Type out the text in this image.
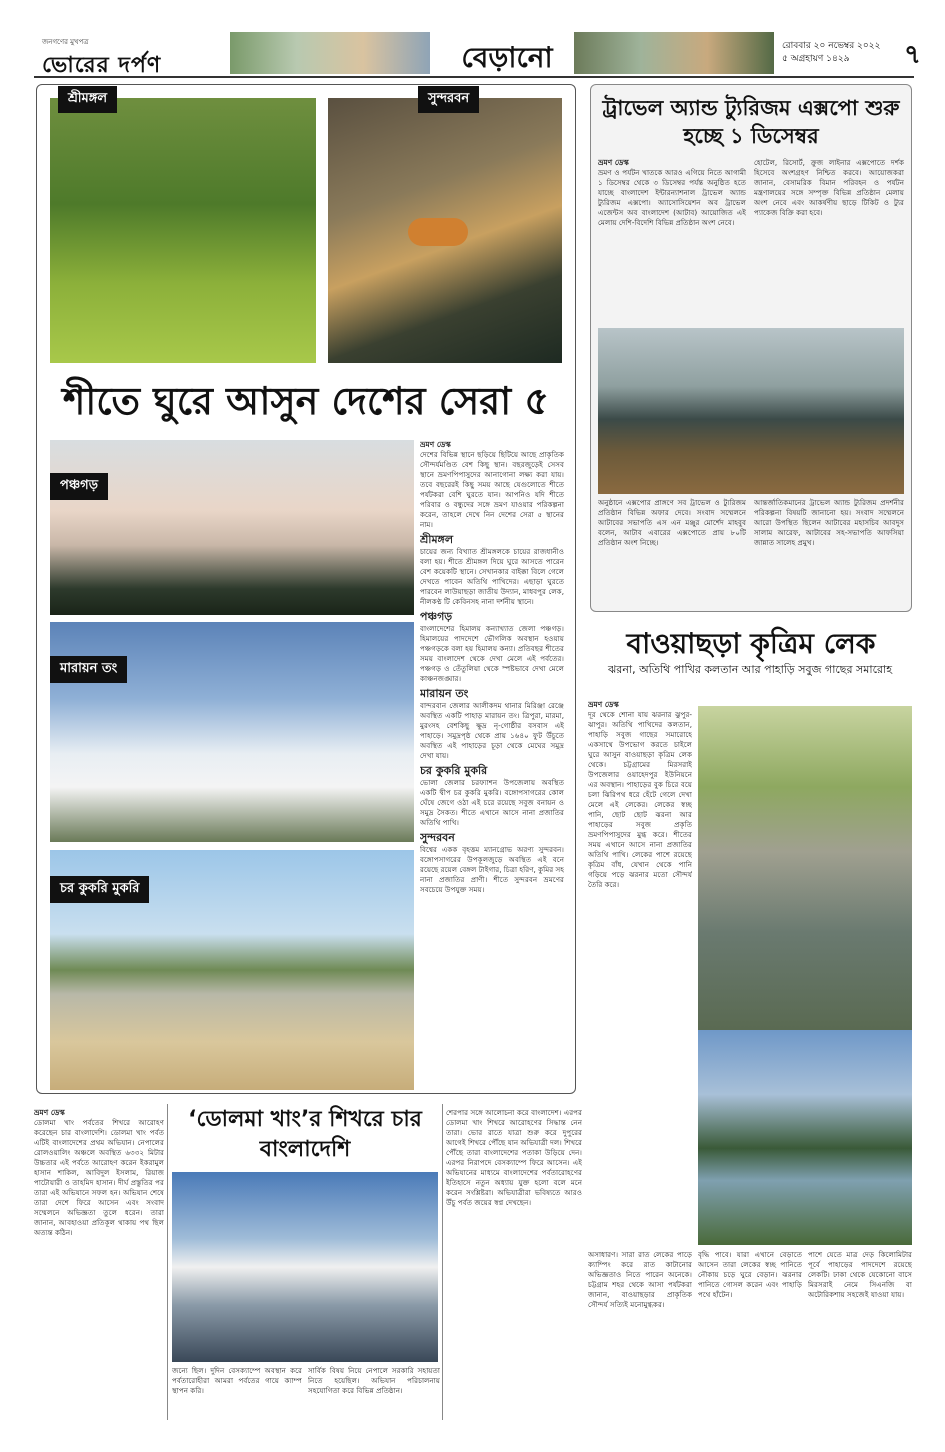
জনগণের মুখপত্র
ভোরের দর্পণ	বেড়ানো	রোববার ২০ নভেম্বর ২০২২
৫ অগ্রহায়ণ ১৪২৯	৭
শ্রীমঙ্গল	সুন্দরবন
শীতে ঘুরে আসুন দেশের সেরা ৫
পঞ্চগড়
মারায়ন তং
চর কুকরি মুকরি
ভ্রমণ ডেস্ক

দেশের বিভিন্ন স্থানে ছড়িয়ে ছিটিয়ে আছে প্রাকৃতিক সৌন্দর্যমণ্ডিত বেশ কিছু স্থান। বছরজুড়েই সেসব স্থানে ভ্রমণপিপাসুদের আনাগোনা লক্ষ্য করা যায়। তবে বছরেরই কিছু সময় আছে যেগুলোতে শীতে পর্যটকরা বেশি ঘুরতে যান। আপনিও যদি শীতে পরিবার ও বন্ধুদের সঙ্গে ভ্রমণ যাওয়ার পরিকল্পনা করেন, তাহলে দেখে নিন দেশের সেরা ৫ স্থানের নাম।

শ্রীমঙ্গল

চায়ের জন্য বিখ্যাত শ্রীমঙ্গলকে চায়ের রাজধানীও বলা হয়। শীতে শ্রীমঙ্গল দিয়ে ঘুরে আসতে পারেন বেশ কয়েকটি স্থানে। সেখানকার বাইক্কা বিলে গেলে দেখতে পাবেন অতিথি পাখিদের। এছাড়া ঘুরতে পারবেন লাউয়াছড়া জাতীয় উদ্যান, মাধবপুর লেক, নীলকণ্ঠ টি কেবিনসহ নানা দর্শনীয় স্থানে।

পঞ্চগড়

বাংলাদেশের হিমালয় কন্যাখ্যাত জেলা পঞ্চগড়। হিমালয়ের পাদদেশে ভৌগলিক অবস্থান হওয়ায় পঞ্চগড়কে বলা হয় হিমালয় কন্যা। প্রতিবছর শীতের সময় বাংলাদেশ থেকে দেখা মেলে এই পর্বতের। পঞ্চগড় ও তেঁতুলিয়া থেকে স্পষ্টভাবে দেখা মেলে কাঞ্চনজঙ্ঘার।

মারায়ন তং

বান্দরবান জেলার আলীকদম থানার মিরিঞ্জা রেঞ্জে অবস্থিত একটি পাহাড় মারায়ন তং। ত্রিপুরা, মারমা, মুরংসহ বেশকিছু ক্ষুদ্র নৃ-গোষ্ঠীর বসবাস এই পাহাড়ে। সমুদ্রপৃষ্ঠ থেকে প্রায় ১৬৪০ ফুট উঁচুতে অবস্থিত এই পাহাড়ের চূড়া থেকে মেঘের সমুদ্র দেখা যায়।

চর কুকরি মুকরি

ভোলা জেলার চরফ্যাশন উপজেলায় অবস্থিত একটি দ্বীপ চর কুকরি মুকরি। বঙ্গোপসাগরের কোল ঘেঁষে জেগে ওঠা এই চরে রয়েছে সবুজ বনায়ন ও সমুদ্র সৈকত। শীতে এখানে আসে নানা প্রজাতির অতিথি পাখি।

সুন্দরবন

বিশ্বের একক বৃহত্তম ম্যানগ্রোভ অরণ্য সুন্দরবন। বঙ্গোপসাগরের উপকূলজুড়ে অবস্থিত এই বনে রয়েছে রয়েল বেঙ্গল টাইগার, চিত্রা হরিণ, কুমির সহ নানা প্রজাতির প্রাণী। শীতে সুন্দরবন ভ্রমণের সবচেয়ে উপযুক্ত সময়।

ট্রাভেল অ্যান্ড ট্যুরিজম এক্সপো শুরু হচ্ছে ১ ডিসেম্বর
ভ্রমণ ডেস্ক

ভ্রমণ ও পর্যটন খাতকে আরও এগিয়ে নিতে আগামী ১ ডিসেম্বর থেকে ৩ ডিসেম্বর পর্যন্ত অনুষ্ঠিত হতে যাচ্ছে বাংলাদেশ ইন্টারন্যাশনাল ট্রাভেল অ্যান্ড ট্যুরিজম এক্সপো। অ্যাসোসিয়েশন অব ট্রাভেল এজেন্টস অব বাংলাদেশ (আটাব) আয়োজিত এই মেলায় দেশি-বিদেশি বিভিন্ন প্রতিষ্ঠান অংশ নেবে।

হোটেল, রিসোর্ট, ক্রুজ লাইনার এক্সপোতে দর্শক হিসেবে অংশগ্রহণ নিশ্চিত করবে। আয়োজকরা জানান, বেসামরিক বিমান পরিবহন ও পর্যটন মন্ত্রণালয়ের সঙ্গে সম্পৃক্ত বিভিন্ন প্রতিষ্ঠান মেলায় অংশ নেবে এবং আকর্ষণীয় ছাড়ে টিকিট ও ট্যুর প্যাকেজ বিক্রি করা হবে।
অনুষ্ঠানে এক্সপোর প্রাঙ্গণে সব ট্রাভেল ও ট্যুরিজম প্রতিষ্ঠান বিভিন্ন অফার দেবে। সংবাদ সম্মেলনে আটাবের সভাপতি এস এন মঞ্জুর মোর্শেদ মাহবুব বলেন, আটাব এবারের এক্সপোতে প্রায় ৮০টি প্রতিষ্ঠান অংশ নিচ্ছে।
আন্তর্জাতিকমানের ট্রাভেল অ্যান্ড ট্যুরিজম প্রদর্শনীর পরিকল্পনা বিষয়টি জানানো হয়। সংবাদ সম্মেলনে আরো উপস্থিত ছিলেন আটাবের মহাসচিব আবদুস সালাম আরেফ, আটাবের সহ-সভাপতি আফসিয়া জান্নাত সালেহ প্রমুখ।
বাওয়াছড়া কৃত্রিম লেক
ঝরনা, অতিথি পাখির কলতান আর পাহাড়ি সবুজ গাছের সমারোহ
ভ্রমণ ডেস্ক

দূর থেকে শোনা যায় ঝরনার ঝুপুর-ঝাপুর। অতিথি পাখিদের কলতান, পাহাড়ি সবুজ গাছের সমারোহে একসাথে উপভোগ করতে চাইলে ঘুরে আসুন বাওয়াছড়া কৃত্রিম লেক থেকে। চট্টগ্রামের মিরসরাই উপজেলার ওয়াহেদপুর ইউনিয়নে এর অবস্থান। পাহাড়ের বুক চিরে বয়ে চলা ঝিরিপথ ধরে হেঁটে গেলে দেখা মেলে এই লেকের। লেকের স্বচ্ছ পানি, ছোট ছোট ঝরনা আর পাহাড়ের সবুজ প্রকৃতি ভ্রমণপিপাসুদের মুগ্ধ করে। শীতের সময় এখানে আসে নানা প্রজাতির অতিথি পাখি। লেকের পাশে রয়েছে কৃত্রিম বাঁধ, যেখান থেকে পানি গড়িয়ে পড়ে ঝরনার মতো সৌন্দর্য তৈরি করে।

অসাধারণ। সারা রাত লেকের পাড়ে ক্যাম্পিং করে রাত কাটানোর অভিজ্ঞতাও নিতে পারেন অনেকে। চট্টগ্রাম শহর থেকে আসা পর্যটকরা জানান, বাওয়াছড়ার প্রাকৃতিক সৌন্দর্য সত্যিই মনোমুগ্ধকর।
বৃদ্ধি পাবে। যারা এখানে বেড়াতে আসেন তারা লেকের স্বচ্ছ পানিতে নৌকায় চড়ে ঘুরে বেড়ান। ঝরনার পানিতে গোসল করেন এবং পাহাড়ি পথে হাঁটেন।
পাশে যেতে মাত্র দেড় কিলোমিটার পূর্বে পাহাড়ের পাদদেশে রয়েছে লেকটি। ঢাকা থেকে যেকোনো বাসে মিরসরাই নেমে সিএনজি বা অটোরিকশায় সহজেই যাওয়া যায়।
ভ্রমণ ডেস্ক

ডোলমা খাং পর্বতের শিখরে আরোহণ করেছেন চার বাংলাদেশি। ডোলমা খাং পর্বত এটিই বাংলাদেশের প্রথম অভিযান। নেপালের রোলওয়ালিং অঞ্চলে অবস্থিত ৬৩৩২ মিটার উচ্চতার এই পর্বতে আরোহণ করেন ইকরামুল হাসান শাকিল, আবিদুল ইসলাম, রিয়াজ পাটোয়ারী ও তাহমিদ হাসান। দীর্ঘ প্রস্তুতির পর তারা এই অভিযানে সফল হন। অভিযান শেষে তারা দেশে ফিরে আসেন এবং সংবাদ সম্মেলনে অভিজ্ঞতা তুলে ধরেন। তারা জানান, আবহাওয়া প্রতিকূল থাকায় পথ ছিল অত্যন্ত কঠিন।

‘ডোলমা খাং’র শিখরে চার বাংলাদেশি
জন্যে ছিল। দুদিন বেসক্যাম্পে অবস্থান করে পর্বতারোহীরা আমরা পর্বতের গায়ে ক্যাম্প স্থাপন করি।
সার্বিক বিষয় নিয়ে নেপালে সরকারি সহায়তা নিতে হয়েছিল। অভিযান পরিচালনায় সহযোগিতা করে বিভিন্ন প্রতিষ্ঠান।
শেরপার সঙ্গে আলোচনা করে বাংলাদেশ। এরপর ডোলমা খাং শিখরে আরোহণের সিদ্ধান্ত নেন তারা। ভোর রাতে যাত্রা শুরু করে দুপুরের আগেই শিখরে পৌঁছে যান অভিযাত্রী দল। শিখরে পৌঁছে তারা বাংলাদেশের পতাকা উড়িয়ে দেন। এরপর নিরাপদে বেসক্যাম্পে ফিরে আসেন। এই অভিযানের মাধ্যমে বাংলাদেশের পর্বতারোহণের ইতিহাসে নতুন অধ্যায় যুক্ত হলো বলে মনে করেন সংশ্লিষ্টরা। অভিযাত্রীরা ভবিষ্যতে আরও উঁচু পর্বত জয়ের স্বপ্ন দেখছেন।
